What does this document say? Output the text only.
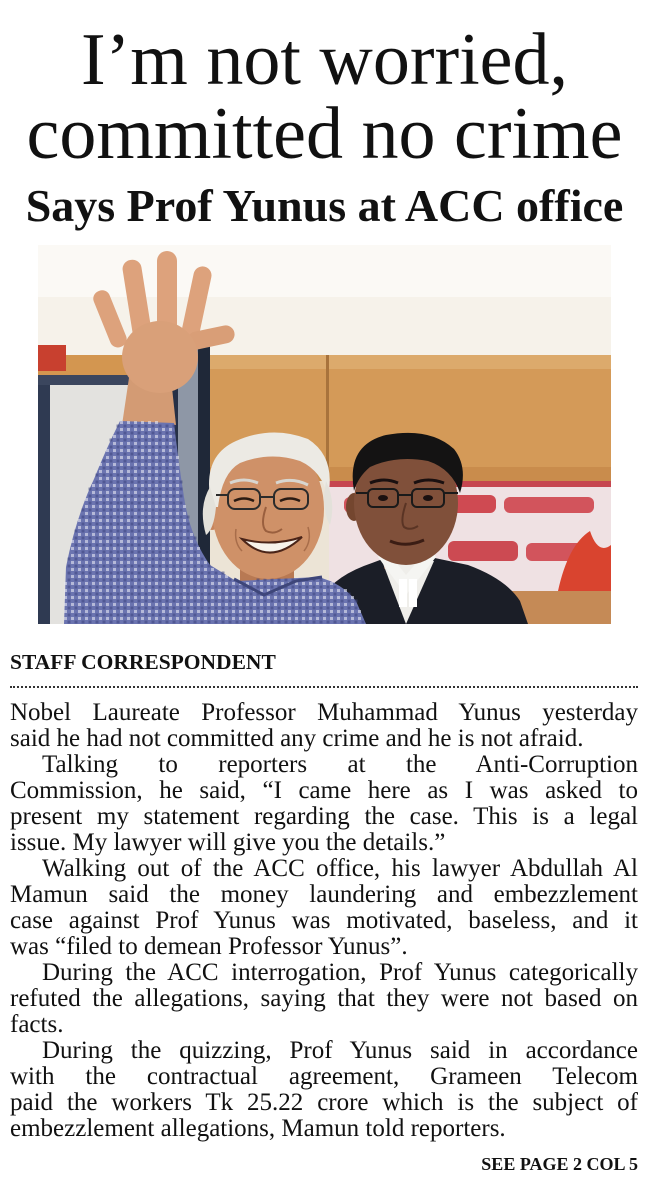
I’m not worried,
committed no crime
Says Prof Yunus at ACC office
STAFF CORRESPONDENT

Nobel Laureate Professor Muhammad Yunus yesterday
said he had not committed any crime and he is not afraid.

Talking to reporters at the Anti-Corruption
Commission, he said, “I came here as I was asked to
present my statement regarding the case. This is a legal
issue. My lawyer will give you the details.”

Walking out of the ACC office, his lawyer Abdullah Al
Mamun said the money laundering and embezzlement
case against Prof Yunus was motivated, baseless, and it
was “filed to demean Professor Yunus”.

During the ACC interrogation, Prof Yunus categorically
refuted the allegations, saying that they were not based on
facts.

During the quizzing, Prof Yunus said in accordance
with the contractual agreement, Grameen Telecom
paid the workers Tk 25.22 crore which is the subject of
embezzlement allegations, Mamun told reporters.

SEE PAGE 2 COL 5
